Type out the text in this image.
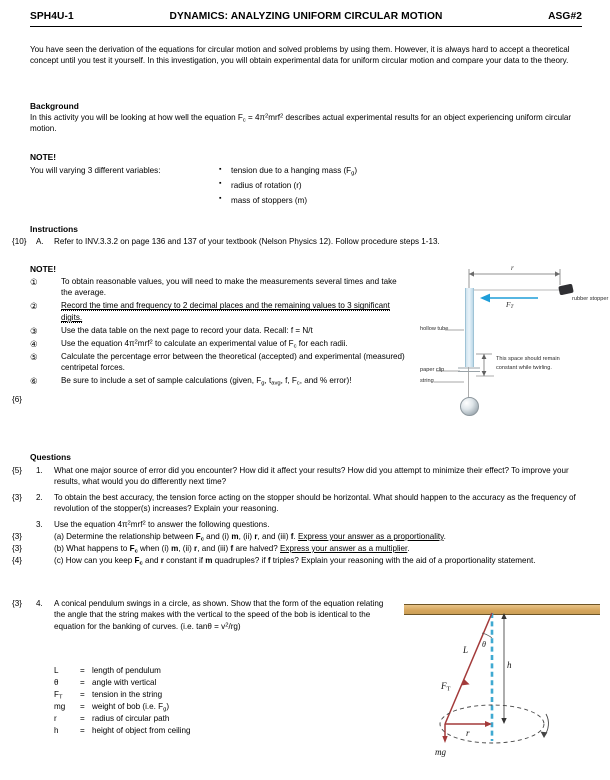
SPH4U-1	DYNAMICS: ANALYZING UNIFORM CIRCULAR MOTION	ASG#2
You have seen the derivation of the equations for circular motion and solved problems by using them. However, it is always hard to accept a theoretical concept until you test it yourself. In this investigation, you will obtain experimental data for uniform circular motion and compare your data to the theory.
Background
In this activity you will be looking at how well the equation $F_c = 4\pi^2mrf^2$ describes actual experimental results for an object experiencing uniform circular motion.
NOTE!
You will varying 3 different variables:	▪ tension due to a hanging mass $(F_g)$
▪ radius of rotation (r)
▪ mass of stoppers (m)
Instructions
{10} A. Refer to INV.3.3.2 on page 136 and 137 of your textbook (Nelson Physics 12). Follow procedure steps 1-13.
NOTE!
{6}
①	To obtain reasonable values, you will need to make the measurements several times and take the average.
②	Record the time and frequency to 2 decimal places and the remaining values to 3 significant digits.
③	Use the data table on the next page to record your data. Recall: f = N/t
④	Use the equation $4\pi^2mrf^2$ to calculate an experimental value of $F_c$ for each radii.
⑤	Calculate the percentage error between the theoretical (accepted) and experimental (measured) centripetal forces.
⑥	Be sure to include a set of sample calculations (given, $F_g$, $t_{avg}$, f, $F_c$, and % error)!
r
$F_T$
rubber stopper
hollow tube
paper clip
string
This space should remain
constant while twirling.
Questions
{5} 1. What one major source of error did you encounter? How did it affect your results? How did you attempt to minimize their effect? To improve your results, what would you do differently next time?
{3} 2. To obtain the best accuracy, the tension force acting on the stopper should be horizontal. What should happen to the accuracy as the frequency of revolution of the stopper(s) increases? Explain your reasoning.
3. Use the equation $4\pi^2mrf^2$ to answer the following questions.
{3}	(a) Determine the relationship between $F_c$ and (i) m, (ii) r, and (iii) f. Express your answer as a proportionality.
{3}	(b) What happens to $F_c$ when (i) m, (ii) r, and (iii) f are halved? Express your answer as a multiplier.
{4}	(c) How can you keep $F_c$ and r constant if m quadruples? if f triples? Explain your reasoning with the aid of a proportionality statement.
{3} 4. A conical pendulum swings in a circle, as shown. Show that the form of the equation relating the angle that the string makes with the vertical to the speed of the bob is identical to the equation for the banking of curves. (i.e. $\tan\theta = v^2/rg$)
L	=	length of pendulum
θ	=	angle with vertical
$F_T$	=	tension in the string
mg	=	weight of bob (i.e. $F_g$)
r	=	radius of circular path
h	=	height of object from ceiling
L
θ
h
$F_T$
r
mg
